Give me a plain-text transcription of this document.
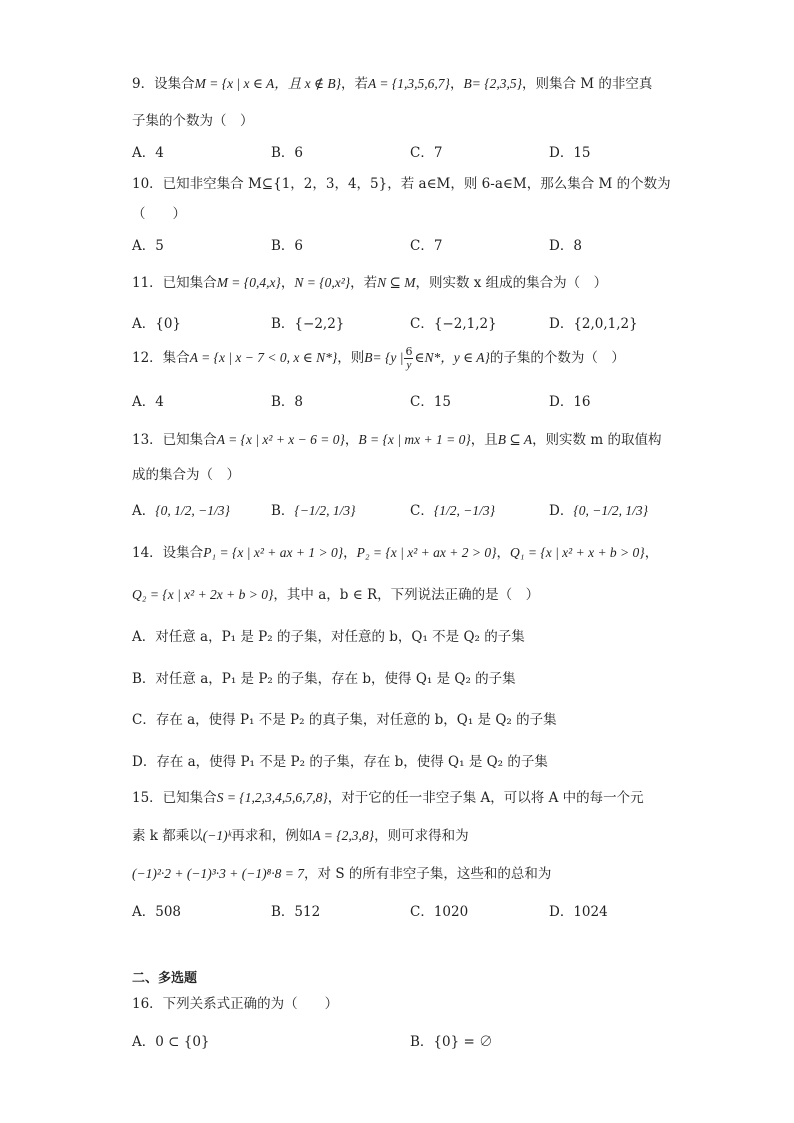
9．设集合M = {x | x ∈ A，且 x ∉ B}，若A = {1,3,5,6,7}，B= {2,3,5}，则集合 M 的非空真
子集的个数为（　）
A．4	B．6	C．7	D．15
10．已知非空集合 M⊆{1，2，3，4，5}，若 a∈M，则 6-a∈M，那么集合 M 的个数为
（　　）
A．5	B．6	C．7	D．8
11．已知集合M = {0,4,x}，N = {0,x²}，若N ⊆ M，则实数 x 组成的集合为（　）
A．{0}	B．{−2,2}	C．{−2,1,2}	D．{2,0,1,2}
12．集合A = {x | x − 7 < 0, x ∈ N*}，则B= {y | $\frac{6}{y}$ ∈N*，y ∈ A}的子集的个数为（　）
A．4	B．8	C．15	D．16
13．已知集合A = {x | x² + x − 6 = 0}，B = {x | mx + 1 = 0}，且B ⊆ A，则实数 m 的取值构
成的集合为（　）
A．{0, 1/2, −1/3}	B．{−1/2, 1/3}	C．{1/2, −1/3}	D．{0, −1/2, 1/3}
14．设集合P₁ = {x | x² + ax + 1 > 0}，P₂ = {x | x² + ax + 2 > 0}，Q₁ = {x | x² + x + b > 0}，
Q₂ = {x | x² + 2x + b > 0}，其中 a，b ∈ R，下列说法正确的是（　）
A．对任意 a，P₁ 是 P₂ 的子集，对任意的 b，Q₁ 不是 Q₂ 的子集
B．对任意 a，P₁ 是 P₂ 的子集，存在 b，使得 Q₁ 是 Q₂ 的子集
C．存在 a，使得 P₁ 不是 P₂ 的真子集，对任意的 b，Q₁ 是 Q₂ 的子集
D．存在 a，使得 P₁ 不是 P₂ 的子集，存在 b，使得 Q₁ 是 Q₂ 的子集
15．已知集合S = {1,2,3,4,5,6,7,8}，对于它的任一非空子集 A，可以将 A 中的每一个元
素 k 都乘以(−1)ᵏ再求和，例如A = {2,3,8}，则可求得和为
(−1)²·2 + (−1)³·3 + (−1)⁸·8 = 7，对 S 的所有非空子集，这些和的总和为
A．508	B．512	C．1020	D．1024
二、多选题
16．下列关系式正确的为（　　）
A．0 ⊂ {0}	B．{0} = ∅
